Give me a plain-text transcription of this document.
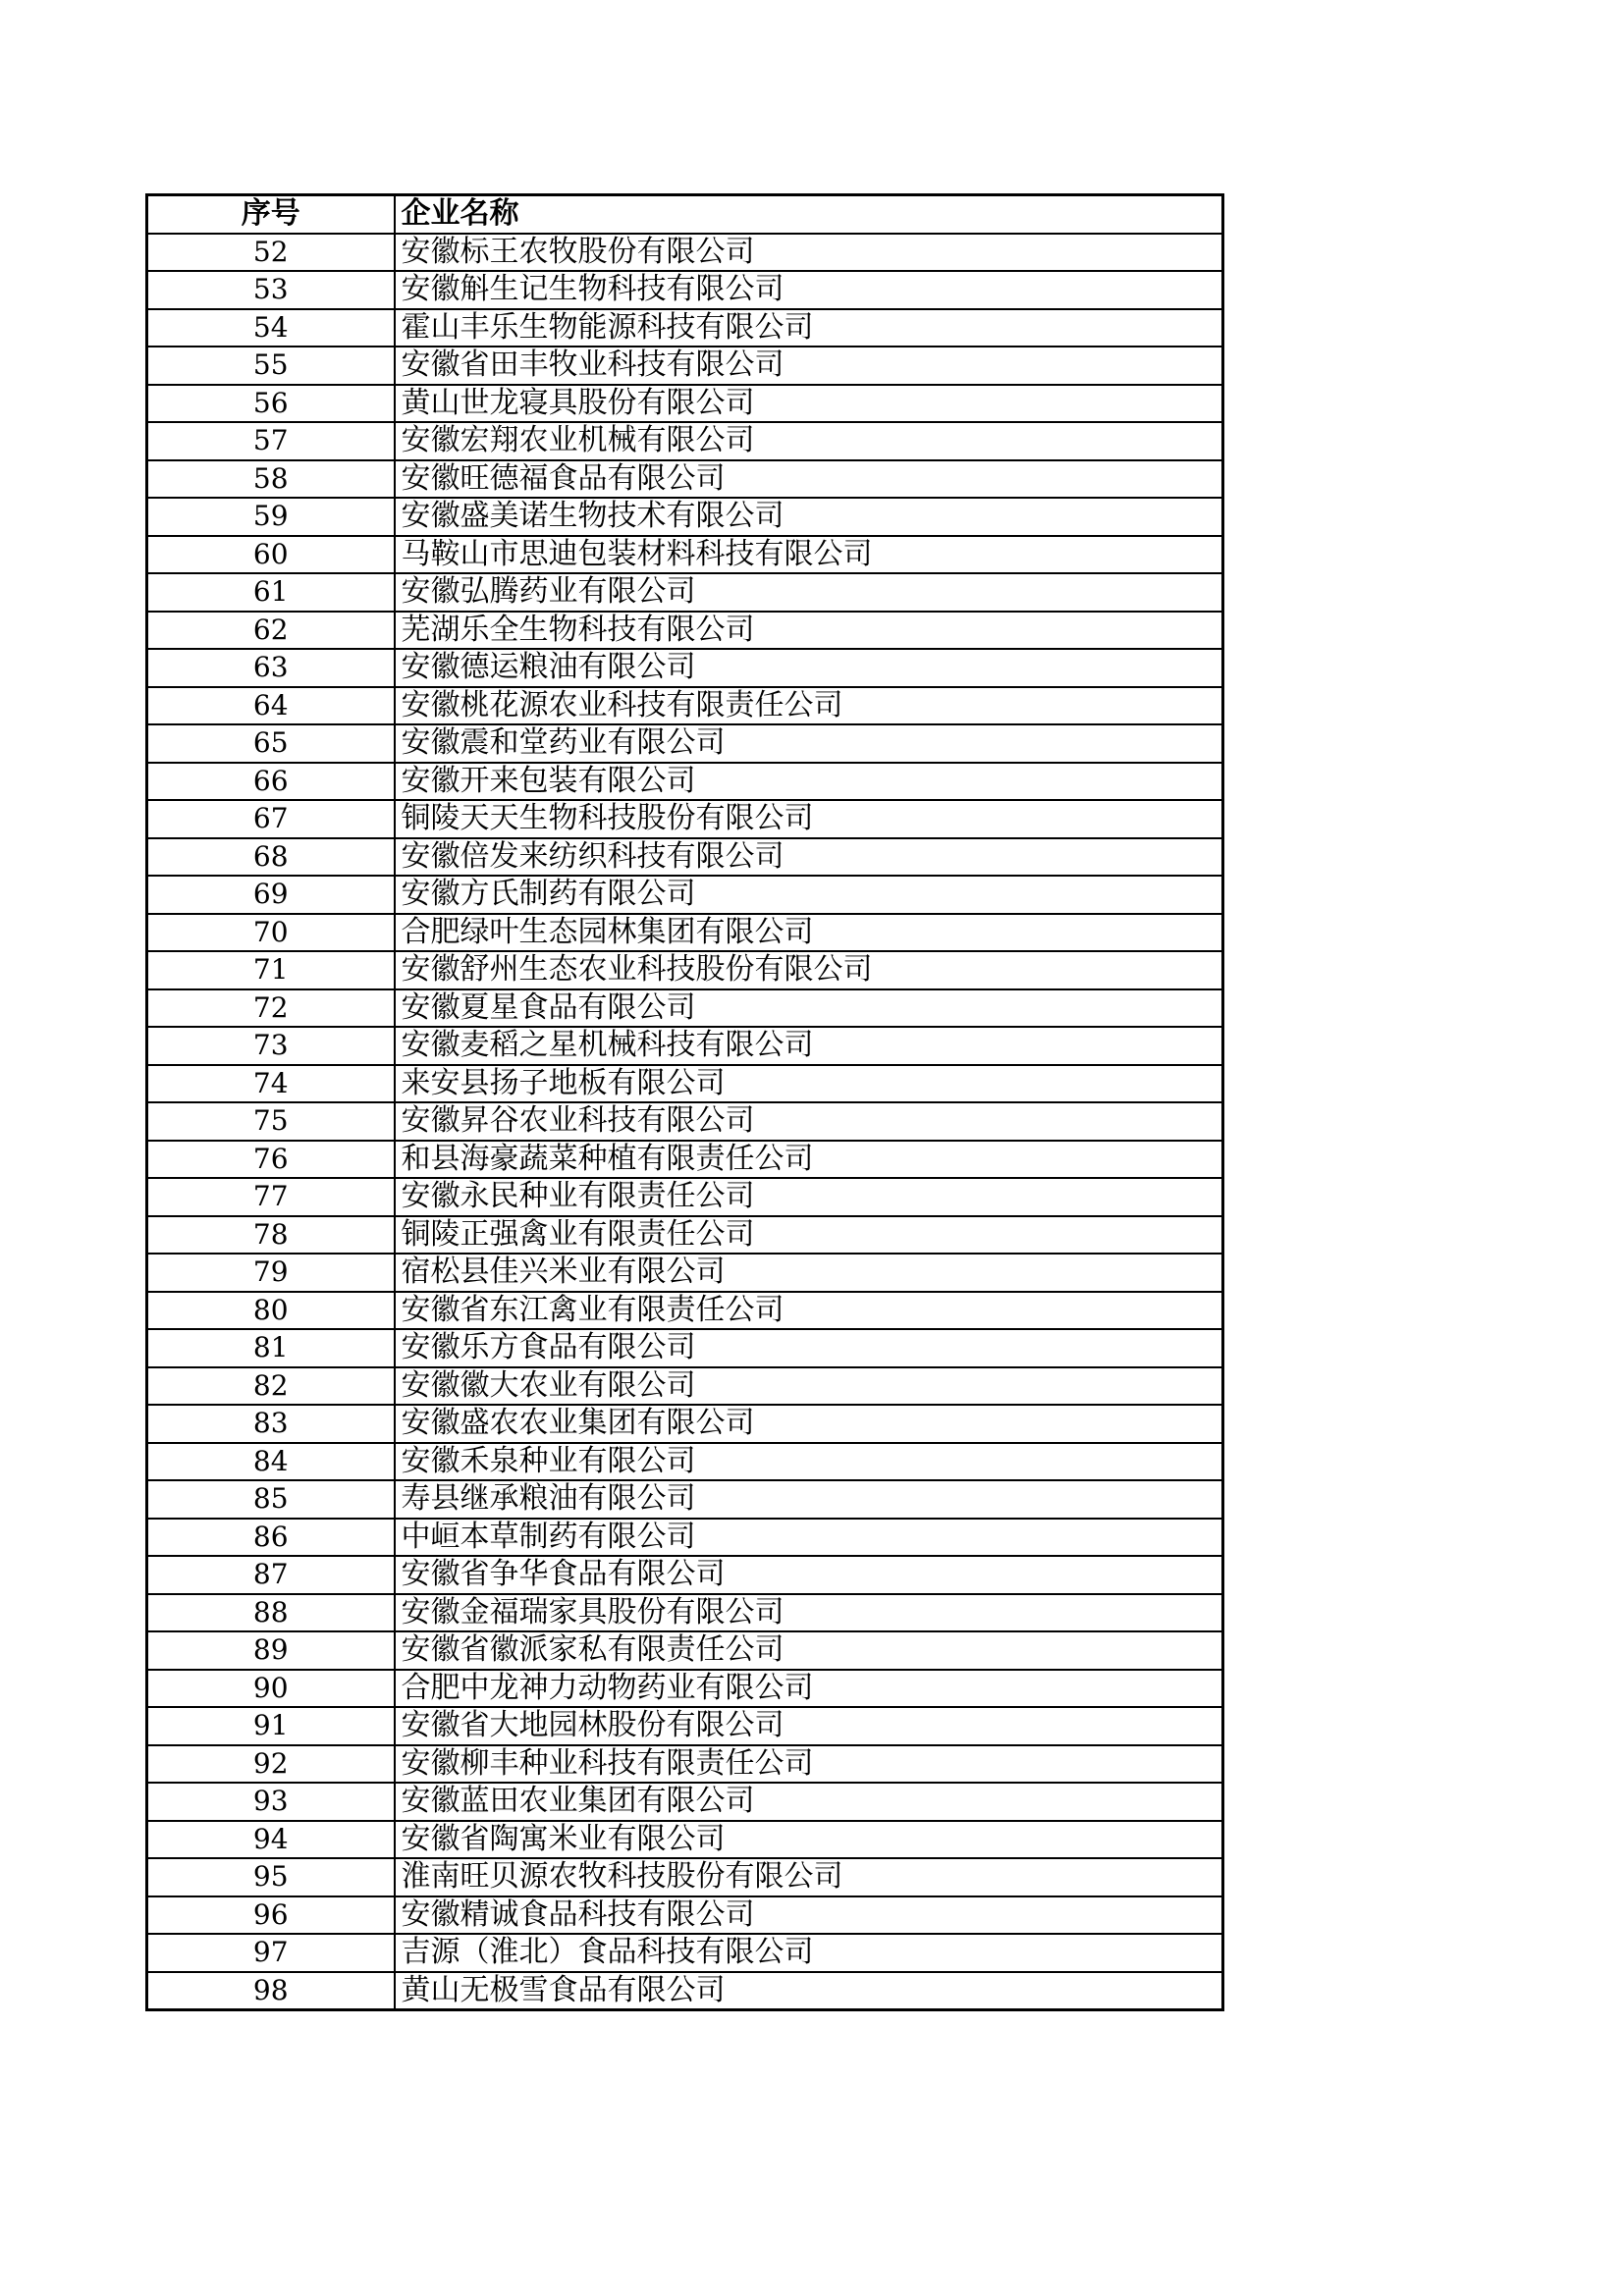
序号	企业名称
52	安徽标王农牧股份有限公司
53	安徽斛生记生物科技有限公司
54	霍山丰乐生物能源科技有限公司
55	安徽省田丰牧业科技有限公司
56	黄山世龙寝具股份有限公司
57	安徽宏翔农业机械有限公司
58	安徽旺德福食品有限公司
59	安徽盛美诺生物技术有限公司
60	马鞍山市思迪包装材料科技有限公司
61	安徽弘腾药业有限公司
62	芜湖乐全生物科技有限公司
63	安徽德运粮油有限公司
64	安徽桃花源农业科技有限责任公司
65	安徽震和堂药业有限公司
66	安徽开来包装有限公司
67	铜陵天天生物科技股份有限公司
68	安徽倍发来纺织科技有限公司
69	安徽方氏制药有限公司
70	合肥绿叶生态园林集团有限公司
71	安徽舒州生态农业科技股份有限公司
72	安徽夏星食品有限公司
73	安徽麦稻之星机械科技有限公司
74	来安县扬子地板有限公司
75	安徽昇谷农业科技有限公司
76	和县海豪蔬菜种植有限责任公司
77	安徽永民种业有限责任公司
78	铜陵正强禽业有限责任公司
79	宿松县佳兴米业有限公司
80	安徽省东江禽业有限责任公司
81	安徽乐方食品有限公司
82	安徽徽大农业有限公司
83	安徽盛农农业集团有限公司
84	安徽禾泉种业有限公司
85	寿县继承粮油有限公司
86	中峘本草制药有限公司
87	安徽省争华食品有限公司
88	安徽金福瑞家具股份有限公司
89	安徽省徽派家私有限责任公司
90	合肥中龙神力动物药业有限公司
91	安徽省大地园林股份有限公司
92	安徽柳丰种业科技有限责任公司
93	安徽蓝田农业集团有限公司
94	安徽省陶寓米业有限公司
95	淮南旺贝源农牧科技股份有限公司
96	安徽精诚食品科技有限公司
97	吉源（淮北）食品科技有限公司
98	黄山无极雪食品有限公司
